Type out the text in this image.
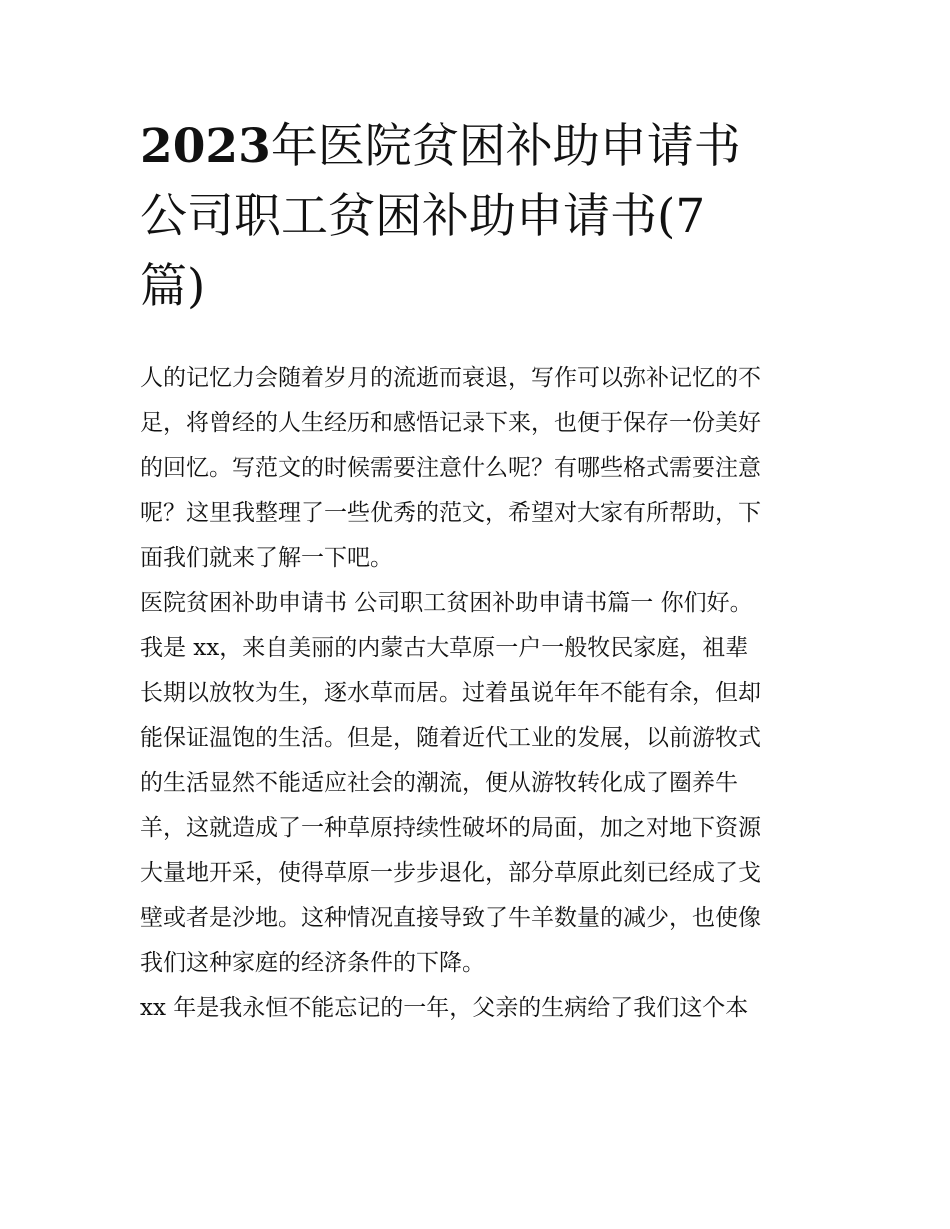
2023年医院贫困补助申请书
公司职工贫困补助申请书(7
篇)
人的记忆力会随着岁月的流逝而衰退，写作可以弥补记忆的不
足，将曾经的人生经历和感悟记录下来，也便于保存一份美好
的回忆。写范文的时候需要注意什么呢？有哪些格式需要注意
呢？这里我整理了一些优秀的范文，希望对大家有所帮助，下
面我们就来了解一下吧。
医院贫困补助申请书 公司职工贫困补助申请书篇一 你们好。
我是 xx，来自美丽的内蒙古大草原一户一般牧民家庭，祖辈
长期以放牧为生，逐水草而居。过着虽说年年不能有余，但却
能保证温饱的生活。但是，随着近代工业的发展，以前游牧式
的生活显然不能适应社会的潮流，便从游牧转化成了圈养牛
羊，这就造成了一种草原持续性破坏的局面，加之对地下资源
大量地开采，使得草原一步步退化，部分草原此刻已经成了戈
壁或者是沙地。这种情况直接导致了牛羊数量的减少，也使像
我们这种家庭的经济条件的下降。
xx 年是我永恒不能忘记的一年，父亲的生病给了我们这个本
